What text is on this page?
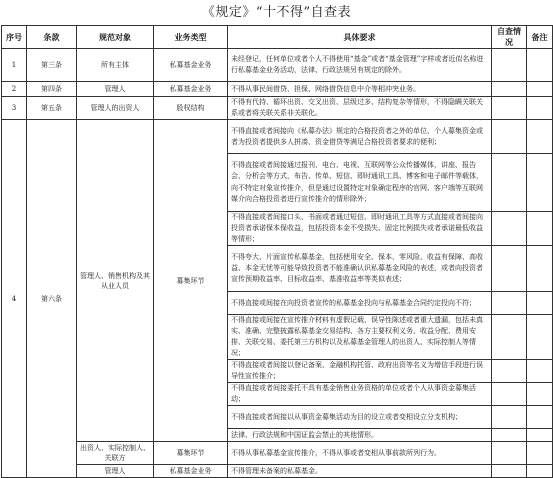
《规定》“十不得”自查表
序号	条款	规范对象	业务类型	具体要求	自查情况	备注
1	第三条	所有主体	私募基金业务	未经登记，任何单位或者个人不得使用“基金”或者“基金管理”字样或者近似名称进行私募基金业务活动，法律、行政法规另有规定的除外。		
2	第四条	管理人	私募基金业务	不得从事民间借贷、担保、网络借贷信息中介等相冲突业务。		
3	第五条	管理人的出资人	股权结构	不得有代持、循环出资、交叉出资、层级过多、结构复杂等情形，不得隐瞒关联关系或者将关联关系非关联化。		
4	第六条	管理人、销售机构及其从业人员	募集环节	不得直接或者间接向《私募办法》规定的合格投资者之外的单位、个人募集资金或者为投资者提供多人拼凑、资金借贷等满足合格投资者要求的便利；		
				不得直接或者间接通过报刊、电台、电视、互联网等公众传播媒体，讲座、报告会、分析会等方式，布告、传单、短信、即时通讯工具、博客和电子邮件等载体，向不特定对象宣传推介，但是通过设置特定对象确定程序的官网、客户端等互联网媒介向合格投资者进行宣传推介的情形除外；		
				不得直接或者间接口头、书面或者通过短信、即时通讯工具等方式直接或者间接向投资者承诺保本保收益，包括投资本金不受损失、固定比例损失或者承诺最低收益等情形；		
				不得夸大、片面宣传私募基金，包括使用安全、保本、零风险、收益有保障、高收益、本金无忧等可能导致投资者不能准确认识私募基金风险的表述，或者向投资者宣传预期收益率、目标收益率、基准收益率等类似表述；		
				不得直接或间接在向投资者宣传的私募基金投向与私募基金合同约定投向不符；		
				不得直接或间接在宣传推介材料有虚假记载、误导性陈述或者重大遗漏，包括未真实、准确、完整披露私募基金交易结构、各方主要权利义务、收益分配、费用安排、关联交易、委托第三方机构以及私募基金管理人的出资人、实际控制人等情况；		
				不得直接或者间接以登记备案、金融机构托管、政府出资等名义为增信手段进行误导性宣传推介；		
				不得直接或者间接委托不具有基金销售业务资格的单位或者个人从事资金募集活动；		
				不得直接或者间接以从事资金募集活动为目的设立或者变相设立分支机构；		
				法律、行政法规和中国证监会禁止的其他情形。		
		出资人、实际控制人、关联方	募集环节	不得从事私募基金宣传推介，不得从事或者变相从事前款所列行为。		
		管理人	私募基金业务	不得管理未备案的私募基金。		
